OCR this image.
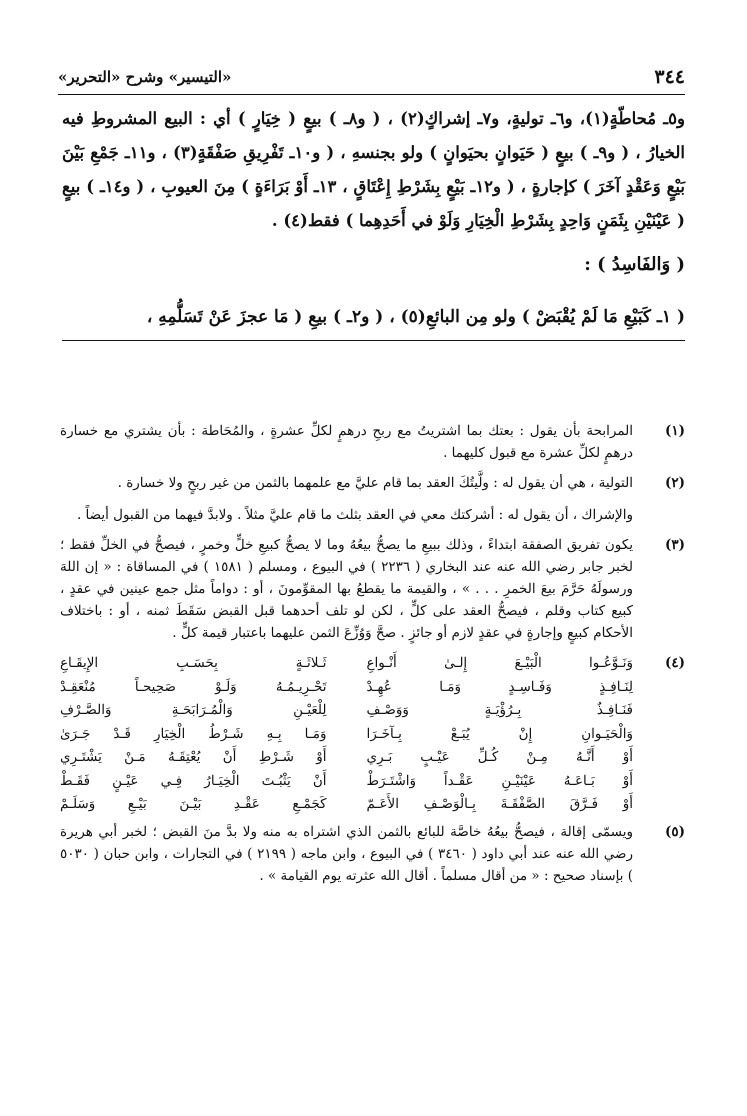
٣٤٤
«التيسير» وشرح «التحرير»

و٥ـ مُحاطّةٍ(١)، و٦ـ توليةٍ، و٧ـ إشراكٍ(٢) ، ( و٨ـ ) بيعٍ ( خِيَارٍ ) أي : البيع المشروطِ فيه الخيارُ ، ( و٩ـ ) بيعٍ ( حَيَوانٍ بحيَوانٍ ) ولو بجنسهِ ، ( و١٠ـ تَفْرِيقِ صَفْقَةٍ(٣) ، و١١ـ جَمْعِ بَيْنَ بَيْعٍ وَعَقْدٍ آخَرَ ) كإجارةٍ ، ( و١٢ـ بَيْعٍ بِشَرْطِ إِعْتَاقٍ ، ١٣ـ أَوْ بَرَاءَةٍ ) مِنَ العيوبِ ، ( و١٤ـ ) بيعٍ ( عَيْنَيْنِ بِثَمَنٍ وَاحِدٍ بِشَرْطِ الْخِيَارِ وَلَوْ في أَحَدِهِما ) فقط(٤) .

( وَالفَاسِدُ ) :
( ١ـ كَبَيْعِ مَا لَمْ يُقْبَضْ ) ولو مِن البائعِ(٥) ، ( و٢ـ ) بيعِ ( مَا عجزَ عَنْ تَسَلُّمِهِ ،
(١)

المرابحة بأن يقول : بعتك بما اشتريتُ مع ربحِ درهمٍ لكلِّ عشرةٍ ، والمُحَاطة : بأن يشتري مع خسارة درهمٍ لكلِّ عشرة مع قبول كليهما .

(٢)

التولية ، هي أن يقول له : ولَّيتُكَ العقد بما قام عليَّ مع علمهما بالثمن من غير ربحٍ ولا خسارة .

والإشراك ، أن يقول له : أشركتك معي في العقد بثلث ما قام عليَّ مثلاً . ولابدَّ فيهما من القبول أيضاً .

(٣)

يكون تفريق الصفقة ابتداءً ، وذلك ببيعِ ما يصحُّ بيعُهُ وما لا يصحُّ كبيعِ خلٍّ وخمرٍ ، فيصحُّ في الخلِّ فقط ؛ لخبر جابر رضي الله عنه عند البخاري ( ٢٢٣٦ ) في البيوع ، ومسلم ( ١٥٨١ ) في المساقاة : « إن اللهَ ورسولَهُ حَرَّمَ بيعَ الخمرِ . . . » ، والقيمة ما يقطعُ بها المقوِّمونَ ، أو : دواماً مثل جمع عينين في عقدٍ ، كبيع كتاب وقلم ، فيصحُّ العقد على كلٍّ ، لكن لو تلف أحدهما قبل القبض سَقَطَ ثمنه ، أو : باختلاف الأحكام كبيعٍ وإجارةٍ في عقدٍ لازم أو جائزٍ . صحَّ وَوُزِّعَ الثمن عليهما باعتبار قيمة كلٍّ .

(٤)
وَنَـوَّعُـوا الْبَيْـعَ إِلـىٰ أَنْـواعِ
ثَـلاثَـةٍ بِحَسَـبِ الإِيقَـاعِ
لِنَـافِـذٍ وَفَـاسِـدٍ وَمَـا عُهِـدْ
تَحْـرِيـمُـهُ وَلَـوْ صَحِيحـاً مُنْعَقِـدْ
فَنَـافِـذٌ بِـرُؤْيَـةٍ وَوَصْـفِ
لِلْعَيْـنِ وَالْمُـرَابَحَـةِ وَالصَّـرْفِ
وَالْحَيَـوانِ إِنْ يُبَـعْ بِـآخَـرَا
وَمَـا بِـهِ شَـرْطُ الْخِيَارِ قَـدْ جَـرَىٰ
أَوْ أَنَّـهُ مِـنْ كُـلِّ عَيْـبٍ بَـرِي
أَوْ شَـرْطِ أَنْ يُعْتِقَـهُ مَـنْ يَشْتَـرِي
أَوْ بَـاعَـهُ عَيْنَيْـنِ عَقْـداً وَاشْتَـرَطْ
أَنْ يَثْبُـتَ الْخِيَـارُ فِـي عَيْـنٍ فَقَـطْ
أَوْ فَـرَّقَ الصَّفْقَـةَ بِـالْوَصْـفِ الأَعَـمّ
كَجَمْـعِ عَقْـدِ بَيْـنَ بَيْـعِ وَسَلَـمْ
(٥)

ويسمّى إقالة ، فيصحُّ بيعُهُ خاصَّة للبائع بالثمن الذي اشتراه به منه ولا بدَّ منَ القبض ؛ لخبر أبي هريرة رضي الله عنه عند أبي داود ( ٣٤٦٠ ) في البيوع ، وابن ماجه ( ٢١٩٩ ) في التجارات ، وابن حبان ( ٥٠٣٠ ) بإسناد صحيح : « من أقال مسلماً . أقال الله عثرته يوم القيامة » .
